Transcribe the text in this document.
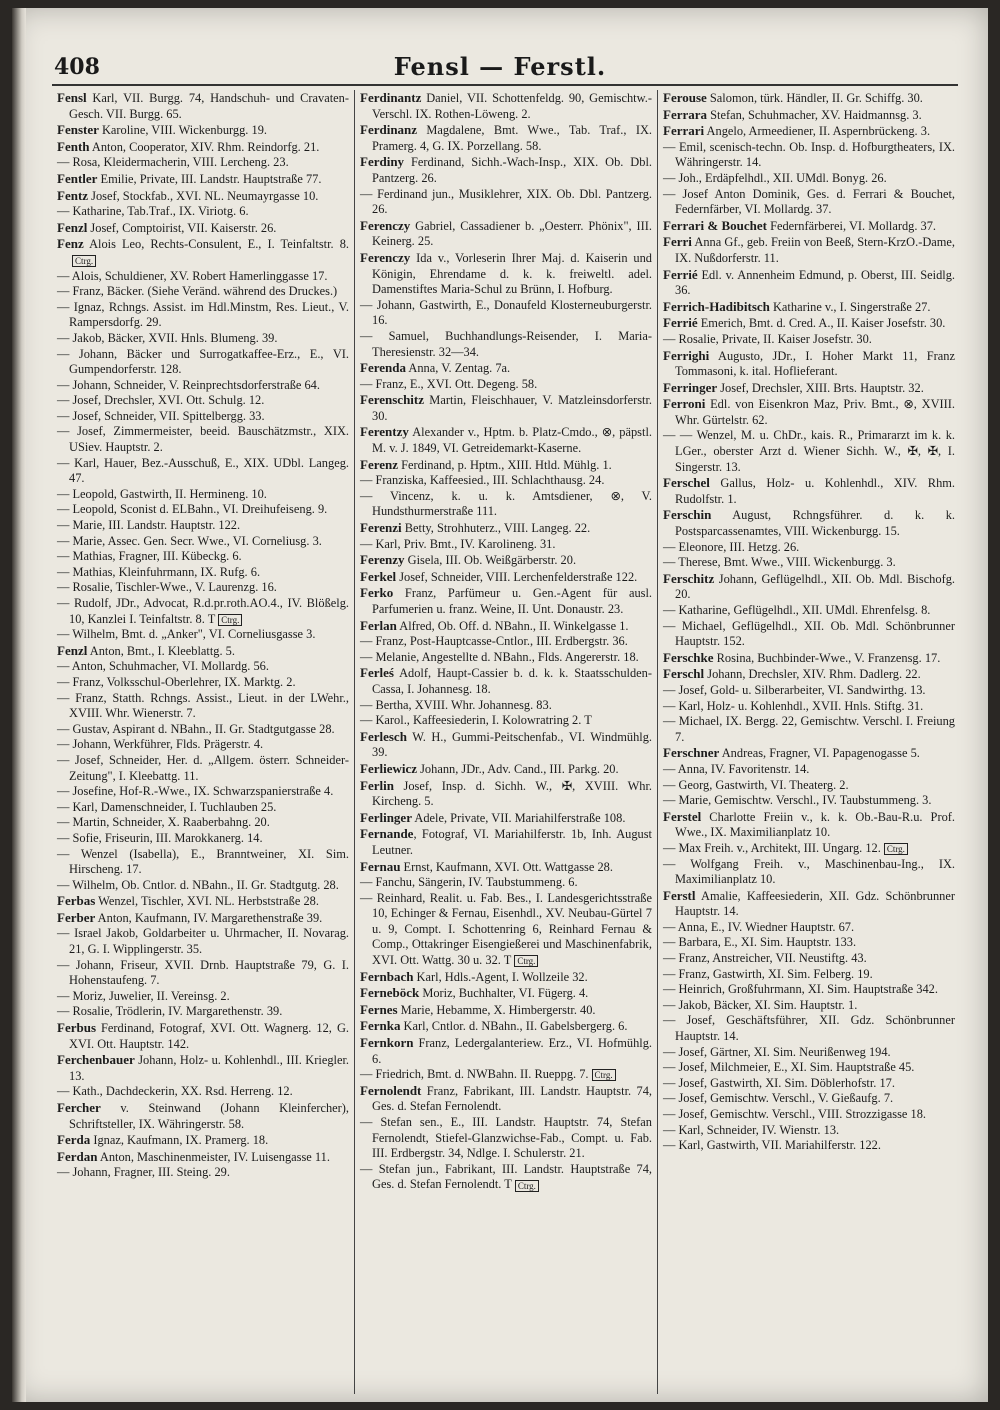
408	Fensl — Ferstl.
Fensl Karl, VII. Burgg. 74, Handschuh- und Cravaten-Gesch. VII. Burgg. 65.
Fenster Karoline, VIII. Wickenburgg. 19.
Fenth Anton, Cooperator, XIV. Rhm. Reindorfg. 21.
— Rosa, Kleidermacherin, VIII. Lercheng. 23.
Fentler Emilie, Private, III. Landstr. Hauptstraße 77.
Fentz Josef, Stockfab., XVI. NL. Neumayrgasse 10.
— Katharine, Tab.Traf., IX. Viriotg. 6.
Fenzl Josef, Comptoirist, VII. Kaiserstr. 26.
Fenz Alois Leo, Rechts-Consulent, E., I. Teinfaltstr. 8.Ctrg.
— Alois, Schuldiener, XV. Robert Hamerlinggasse 17.
— Franz, Bäcker. (Siehe Veränd. während des Druckes.)
— Ignaz, Rchngs. Assist. im Hdl.Minstm, Res. Lieut., V. Rampersdorfg. 29.
— Jakob, Bäcker, XVII. Hnls. Blumeng. 39.
— Johann, Bäcker und Surrogatkaffee-Erz., E., VI. Gumpendorferstr. 128.
— Johann, Schneider, V. Reinprechtsdorferstraße 64.
— Josef, Drechsler, XVI. Ott. Schulg. 12.
— Josef, Schneider, VII. Spittelbergg. 33.
— Josef, Zimmermeister, beeid. Bauschätzmstr., XIX. USiev. Hauptstr. 2.
— Karl, Hauer, Bez.-Ausschuß, E., XIX. UDbl. Langeg. 47.
— Leopold, Gastwirth, II. Hermineng. 10.
— Leopold, Sconist d. ELBahn., VI. Dreihufeiseng. 9.
— Marie, III. Landstr. Hauptstr. 122.
— Marie, Assec. Gen. Secr. Wwe., VI. Corneliusg. 3.
— Mathias, Fragner, III. Kübeckg. 6.
— Mathias, Kleinfuhrmann, IX. Rufg. 6.
— Rosalie, Tischler-Wwe., V. Laurenzg. 16.
— Rudolf, JDr., Advocat, R.d.pr.roth.AO.4., IV. Blößelg. 10, Kanzlei I. Teinfaltstr. 8. T Ctrg.
— Wilhelm, Bmt. d. „Anker", VI. Corneliusgasse 3.
Fenzl Anton, Bmt., I. Kleeblattg. 5.
— Anton, Schuhmacher, VI. Mollardg. 56.
— Franz, Volksschul-Oberlehrer, IX. Marktg. 2.
— Franz, Statth. Rchngs. Assist., Lieut. in der LWehr., XVIII. Whr. Wienerstr. 7.
— Gustav, Aspirant d. NBahn., II. Gr. Stadtgutgasse 28.
— Johann, Werkführer, Flds. Prägerstr. 4.
— Josef, Schneider, Her. d. „Allgem. österr. Schneider-Zeitung", I. Kleebattg. 11.
— Josefine, Hof-R.-Wwe., IX. Schwarzspanierstraße 4.
— Karl, Damenschneider, I. Tuchlauben 25.
— Martin, Schneider, X. Raaberbahng. 20.
— Sofie, Friseurin, III. Marokkanerg. 14.
— Wenzel (Isabella), E., Branntweiner, XI. Sim. Hirscheng. 17.
— Wilhelm, Ob. Cntlor. d. NBahn., II. Gr. Stadtgutg. 28.
Ferbas Wenzel, Tischler, XVI. NL. Herbststraße 28.
Ferber Anton, Kaufmann, IV. Margarethenstraße 39.
— Israel Jakob, Goldarbeiter u. Uhrmacher, II. Novarag. 21, G. I. Wipplingerstr. 35.
— Johann, Friseur, XVII. Drnb. Hauptstraße 79, G. I. Hohenstaufeng. 7.
— Moriz, Juwelier, II. Vereinsg. 2.
— Rosalie, Trödlerin, IV. Margarethenstr. 39.
Ferbus Ferdinand, Fotograf, XVI. Ott. Wagnerg. 12, G. XVI. Ott. Hauptstr. 142.
Ferchenbauer Johann, Holz- u. Kohlenhdl., III. Kriegler. 13.
— Kath., Dachdeckerin, XX. Rsd. Herreng. 12.
Fercher v. Steinwand (Johann Kleinfercher), Schriftsteller, IX. Währingerstr. 58.
Ferda Ignaz, Kaufmann, IX. Pramerg. 18.
Ferdan Anton, Maschinenmeister, IV. Luisengasse 11.
— Johann, Fragner, III. Steing. 29.
Ferdinantz Daniel, VII. Schottenfeldg. 90, Gemischtw.-Verschl. IX. Rothen-Löweng. 2.
Ferdinanz Magdalene, Bmt. Wwe., Tab. Traf., IX. Pramerg. 4, G. IX. Porzellang. 58.
Ferdiny Ferdinand, Sichh.-Wach-Insp., XIX. Ob. Dbl. Pantzerg. 26.
— Ferdinand jun., Musiklehrer, XIX. Ob. Dbl. Pantzerg. 26.
Ferenczy Gabriel, Cassadiener b. „Oesterr. Phönix", III. Keinerg. 25.
Ferenczy Ida v., Vorleserin Ihrer Maj. d. Kaiserin und Königin, Ehrendame d. k. k. freiweltl. adel. Damenstiftes Maria-Schul zu Brünn, I. Hofburg.
— Johann, Gastwirth, E., Donaufeld Klosterneuburgerstr. 16.
— Samuel, Buchhandlungs-Reisender, I. Maria-Theresienstr. 32—34.
Ferenda Anna, V. Zentag. 7a.
— Franz, E., XVI. Ott. Degeng. 58.
Ferenschitz Martin, Fleischhauer, V. Matzleinsdorferstr. 30.
Ferentzy Alexander v., Hptm. b. Platz-Cmdo., ⊗, päpstl. M. v. J. 1849, VI. Getreidemarkt-Kaserne.
Ferenz Ferdinand, p. Hptm., XIII. Htld. Mühlg. 1.
— Franziska, Kaffeesied., III. Schlachthausg. 24.
— Vincenz, k. u. k. Amtsdiener, ⊗, V. Hundsthurmerstraße 111.
Ferenzi Betty, Strohhuterz., VIII. Langeg. 22.
— Karl, Priv. Bmt., IV. Karolineng. 31.
Ferenzy Gisela, III. Ob. Weißgärberstr. 20.
Ferkel Josef, Schneider, VIII. Lerchenfelderstraße 122.
Ferko Franz, Parfümeur u. Gen.-Agent für ausl. Parfumerien u. franz. Weine, II. Unt. Donaustr. 23.
Ferlan Alfred, Ob. Off. d. NBahn., II. Winkelgasse 1.
— Franz, Post-Hauptcasse-Cntlor., III. Erdbergstr. 36.
— Melanie, Angestellte d. NBahn., Flds. Angererstr. 18.
Ferleś Adolf, Haupt-Cassier b. d. k. k. Staatsschulden-Cassa, I. Johannesg. 18.
— Bertha, XVIII. Whr. Johannesg. 83.
— Karol., Kaffeesiederin, I. Kolowratring 2. T
Ferlesch W. H., Gummi-Peitschenfab., VI. Windmühlg. 39.
Ferliewicz Johann, JDr., Adv. Cand., III. Parkg. 20.
Ferlin Josef, Insp. d. Sichh. W., ✠, XVIII. Whr. Kircheng. 5.
Ferlinger Adele, Private, VII. Mariahilferstraße 108.
Fernande, Fotograf, VI. Mariahilferstr. 1b, Inh. August Leutner.
Fernau Ernst, Kaufmann, XVI. Ott. Wattgasse 28.
— Fanchu, Sängerin, IV. Taubstummeng. 6.
— Reinhard, Realit. u. Fab. Bes., I. Landesgerichtsstraße 10, Echinger & Fernau, Eisenhdl., XV. Neubau-Gürtel 7 u. 9, Compt. I. Schottenring 6, Reinhard Fernau & Comp., Ottakringer Eisengießerei und Maschinenfabrik, XVI. Ott. Wattg. 30 u. 32. T Ctrg.
Fernbach Karl, Hdls.-Agent, I. Wollzeile 32.
Ferneböck Moriz, Buchhalter, VI. Fügerg. 4.
Fernes Marie, Hebamme, X. Himbergerstr. 40.
Fernka Karl, Cntlor. d. NBahn., II. Gabelsbergerg. 6.
Fernkorn Franz, Ledergalanteriew. Erz., VI. Hofmühlg. 6.
— Friedrich, Bmt. d. NWBahn. II. Rueppg. 7. Ctrg.
Fernolendt Franz, Fabrikant, III. Landstr. Hauptstr. 74, Ges. d. Stefan Fernolendt.
— Stefan sen., E., III. Landstr. Hauptstr. 74, Stefan Fernolendt, Stiefel-Glanzwichse-Fab., Compt. u. Fab. III. Erdbergstr. 34, Ndlge. I. Schulerstr. 21.
— Stefan jun., Fabrikant, III. Landstr. Hauptstraße 74, Ges. d. Stefan Fernolendt. T Ctrg.
Ferouse Salomon, türk. Händler, II. Gr. Schiffg. 30.
Ferrara Stefan, Schuhmacher, XV. Haidmannsg. 3.
Ferrari Angelo, Armeediener, II. Aspernbrückeng. 3.
— Emil, scenisch-techn. Ob. Insp. d. Hofburgtheaters, IX. Währingerstr. 14.
— Joh., Erdäpfelhdl., XII. UMdl. Bonyg. 26.
— Josef Anton Dominik, Ges. d. Ferrari & Bouchet, Federnfärber, VI. Mollardg. 37.
Ferrari & Bouchet Federnfärberei, VI. Mollardg. 37.
Ferri Anna Gf., geb. Freiin von Beeß, Stern-KrzO.-Dame, IX. Nußdorferstr. 11.
Ferrié Edl. v. Annenheim Edmund, p. Oberst, III. Seidlg. 36.
Ferrich-Hadibitsch Katharine v., I. Singerstraße 27.
Ferrié Emerich, Bmt. d. Cred. A., II. Kaiser Josefstr. 30.
— Rosalie, Private, II. Kaiser Josefstr. 30.
Ferrighi Augusto, JDr., I. Hoher Markt 11, Franz Tommasoni, k. ital. Hoflieferant.
Ferringer Josef, Drechsler, XIII. Brts. Hauptstr. 32.
Ferroni Edl. von Eisenkron Maz, Priv. Bmt., ⊗, XVIII. Whr. Gürtelstr. 62.
— — Wenzel, M. u. ChDr., kais. R., Primararzt im k. k. LGer., oberster Arzt d. Wiener Sichh. W., ✠, ✠, I. Singerstr. 13.
Ferschel Gallus, Holz- u. Kohlenhdl., XIV. Rhm. Rudolfstr. 1.
Ferschin August, Rchngsführer. d. k. k. Postsparcassenamtes, VIII. Wickenburgg. 15.
— Eleonore, III. Hetzg. 26.
— Therese, Bmt. Wwe., VIII. Wickenburgg. 3.
Ferschitz Johann, Geflügelhdl., XII. Ob. Mdl. Bischofg. 20.
— Katharine, Geflügelhdl., XII. UMdl. Ehrenfelsg. 8.
— Michael, Geflügelhdl., XII. Ob. Mdl. Schönbrunner Hauptstr. 152.
Ferschke Rosina, Buchbinder-Wwe., V. Franzensg. 17.
Ferschl Johann, Drechsler, XIV. Rhm. Dadlerg. 22.
— Josef, Gold- u. Silberarbeiter, VI. Sandwirthg. 13.
— Karl, Holz- u. Kohlenhdl., XVII. Hnls. Stiftg. 31.
— Michael, IX. Bergg. 22, Gemischtw. Verschl. I. Freiung 7.
Ferschner Andreas, Fragner, VI. Papagenogasse 5.
— Anna, IV. Favoritenstr. 14.
— Georg, Gastwirth, VI. Theaterg. 2.
— Marie, Gemischtw. Verschl., IV. Taubstummeng. 3.
Ferstel Charlotte Freiin v., k. k. Ob.-Bau-R.u. Prof. Wwe., IX. Maximilianplatz 10.
— Max Freih. v., Architekt, III. Ungarg. 12. Ctrg.
— Wolfgang Freih. v., Maschinenbau-Ing., IX. Maximilianplatz 10.
Ferstl Amalie, Kaffeesiederin, XII. Gdz. Schönbrunner Hauptstr. 14.
— Anna, E., IV. Wiedner Hauptstr. 67.
— Barbara, E., XI. Sim. Hauptstr. 133.
— Franz, Anstreicher, VII. Neustiftg. 43.
— Franz, Gastwirth, XI. Sim. Felberg. 19.
— Heinrich, Großfuhrmann, XI. Sim. Hauptstraße 342.
— Jakob, Bäcker, XI. Sim. Hauptstr. 1.
— Josef, Geschäftsführer, XII. Gdz. Schönbrunner Hauptstr. 14.
— Josef, Gärtner, XI. Sim. Neurißenweg 194.
— Josef, Milchmeier, E., XI. Sim. Hauptstraße 45.
— Josef, Gastwirth, XI. Sim. Döblerhofstr. 17.
— Josef, Gemischtw. Verschl., V. Gießaufg. 7.
— Josef, Gemischtw. Verschl., VIII. Strozzigasse 18.
— Karl, Schneider, IV. Wienstr. 13.
— Karl, Gastwirth, VII. Mariahilferstr. 122.
